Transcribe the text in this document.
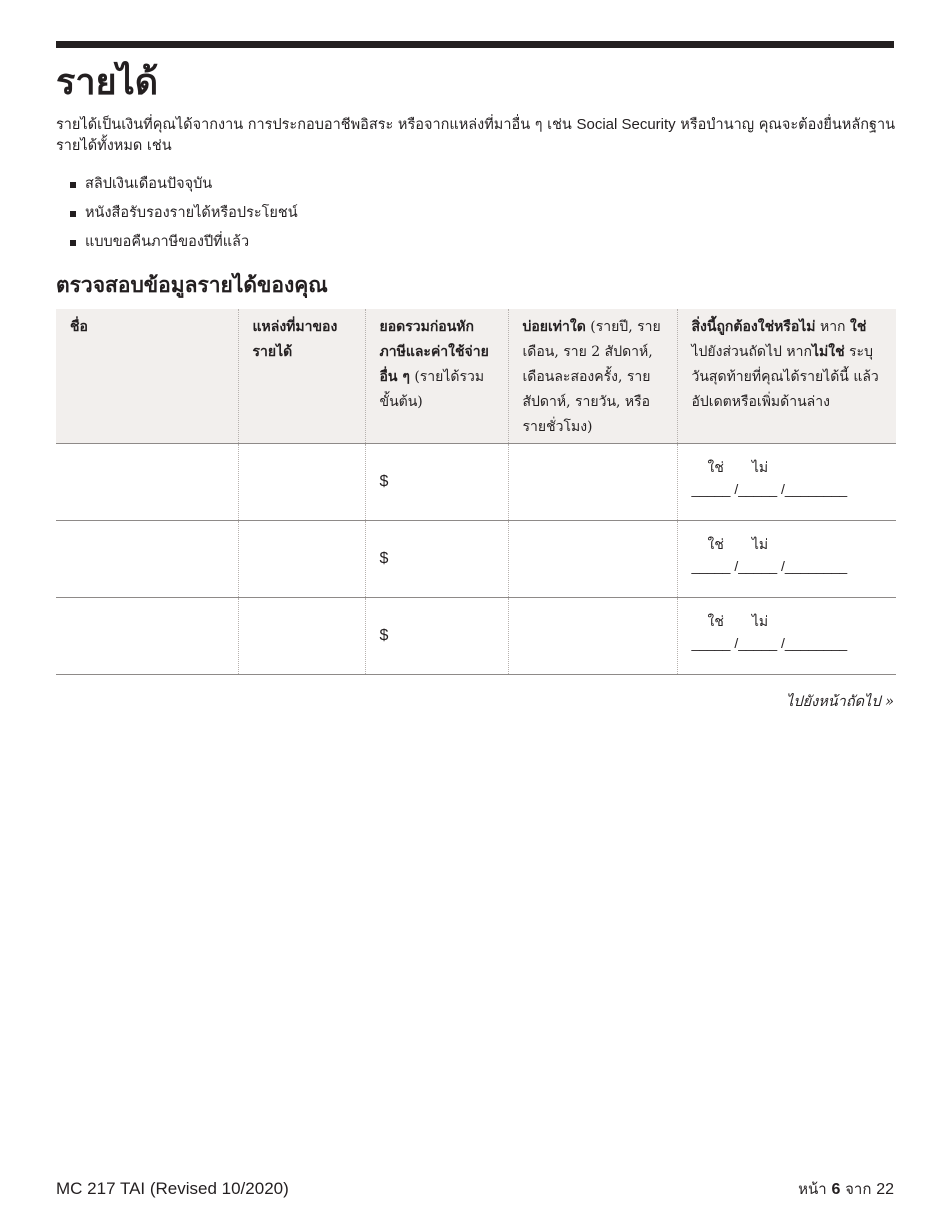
รายได้

รายได้เป็นเงินที่คุณได้จากงาน การประกอบอาชีพอิสระ หรือจากแหล่งที่มาอื่น ๆ เช่น Social Security หรือบำนาญ คุณจะต้องยื่นหลักฐานรายได้ทั้งหมด เช่น

สลิปเงินเดือนปัจจุบัน
หนังสือรับรองรายได้หรือประโยชน์
แบบขอคืนภาษีของปีที่แล้ว
ตรวจสอบข้อมูลรายได้ของคุณ
ชื่อ	แหล่งที่มาของรายได้	ยอดรวมก่อนหักภาษีและค่าใช้จ่ายอื่น ๆ (รายได้รวมขั้นต้น)	บ่อยเท่าใด (รายปี, รายเดือน, ราย 2 สัปดาห์, เดือนละสองครั้ง, รายสัปดาห์, รายวัน, หรือ รายชั่วโมง)	สิ่งนี้ถูกต้องใช่หรือไม่ หาก ใช่ ไปยังส่วนถัดไป หากไม่ใช่ ระบุวันสุดท้ายที่คุณได้รายได้นี้ แล้วอัปเดตหรือเพิ่มด้านล่าง

		$		ใช่ ไม่
_____ /_____ /________

		$		ใช่ ไม่
_____ /_____ /________

		$		ใช่ ไม่
_____ /_____ /________
ไปยังหน้าถัดไป »
MC 217 TAI (Revised 10/2020)	หน้า 6 จาก 22
